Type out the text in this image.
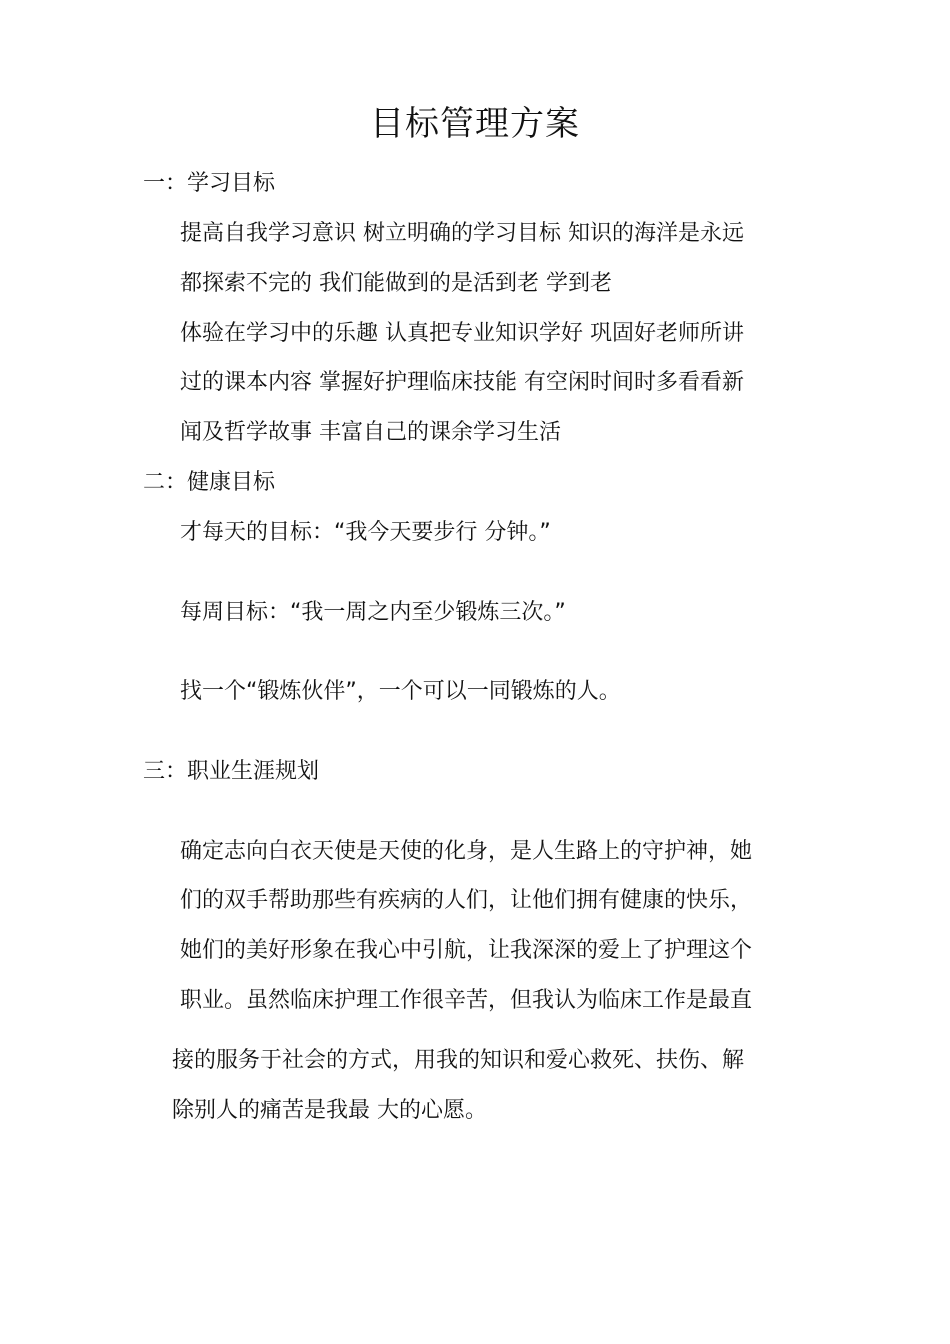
目标管理方案
一：学习目标
提高自我学习意识 树立明确的学习目标 知识的海洋是永远
都探索不完的 我们能做到的是活到老 学到老
体验在学习中的乐趣 认真把专业知识学好 巩固好老师所讲
过的课本内容 掌握好护理临床技能 有空闲时间时多看看新
闻及哲学故事 丰富自己的课余学习生活
二：健康目标
才每天的目标：“我今天要步行 分钟。”
每周目标：“我一周之内至少锻炼三次。”
找一个“锻炼伙伴”，一个可以一同锻炼的人。
三：职业生涯规划
确定志向白衣天使是天使的化身，是人生路上的守护神，她
们的双手帮助那些有疾病的人们，让他们拥有健康的快乐，
她们的美好形象在我心中引航，让我深深的爱上了护理这个
职业。虽然临床护理工作很辛苦，但我认为临床工作是最直
接的服务于社会的方式，用我的知识和爱心救死、扶伤、解
除别人的痛苦是我最 大的心愿。
